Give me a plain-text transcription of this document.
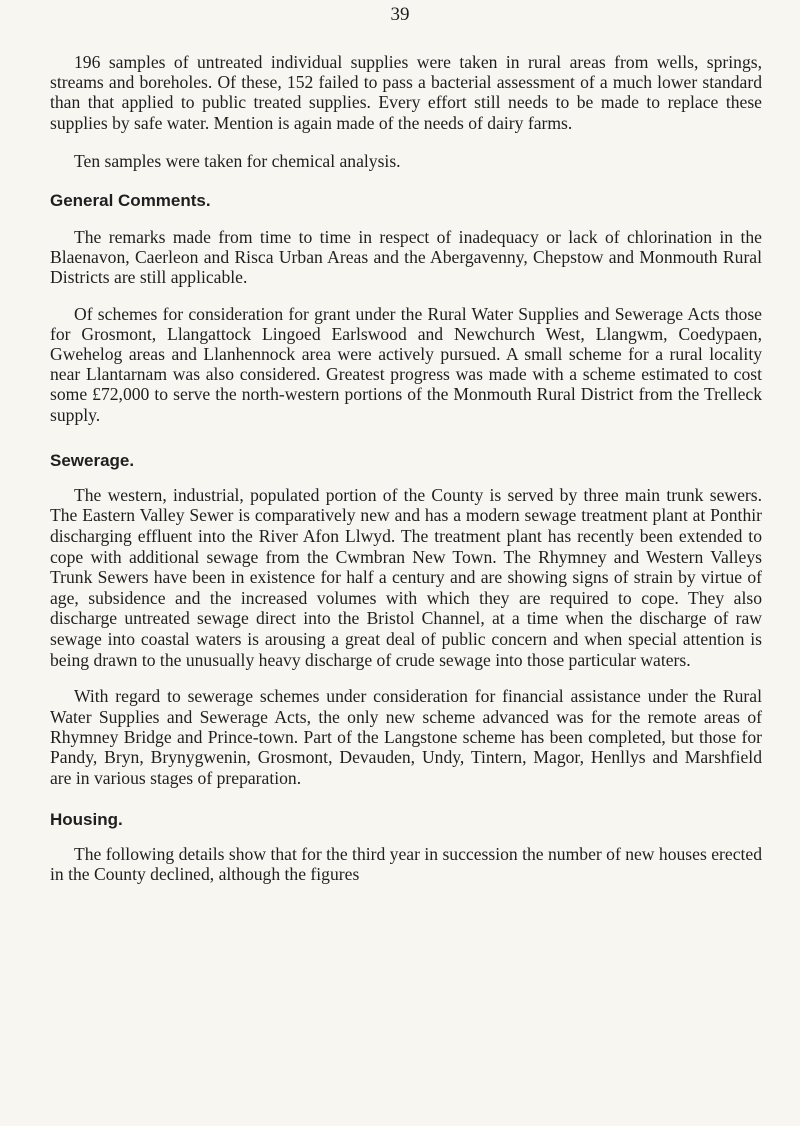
39

196 samples of untreated individual supplies were taken in rural areas from wells, springs, streams and boreholes. Of these, 152 failed to pass a bacterial assessment of a much lower standard than that applied to public treated supplies. Every effort still needs to be made to replace these supplies by safe water. Mention is again made of the needs of dairy farms.

Ten samples were taken for chemical analysis.

General Comments.

The remarks made from time to time in respect of inadequacy or lack of chlorination in the Blaenavon, Caerleon and Risca Urban Areas and the Abergavenny, Chepstow and Monmouth Rural Districts are still applicable.

Of schemes for consideration for grant under the Rural Water Supplies and Sewerage Acts those for Grosmont, Llangattock Lingoed Earlswood and Newchurch West, Llangwm, Coedypaen, Gwehelog areas and Llanhennock area were actively pursued. A small scheme for a rural locality near Llantarnam was also considered. Greatest progress was made with a scheme estimated to cost some £72,000 to serve the north-western portions of the Monmouth Rural District from the Trelleck supply.

Sewerage.

The western, industrial, populated portion of the County is served by three main trunk sewers. The Eastern Valley Sewer is comparatively new and has a modern sewage treatment plant at Ponthir discharging effluent into the River Afon Llwyd. The treatment plant has recently been extended to cope with additional sewage from the Cwmbran New Town. The Rhymney and Western Valleys Trunk Sewers have been in existence for half a century and are showing signs of strain by virtue of age, subsidence and the increased volumes with which they are required to cope. They also discharge untreated sewage direct into the Bristol Channel, at a time when the discharge of raw sewage into coastal waters is arousing a great deal of public concern and when special attention is being drawn to the unusually heavy discharge of crude sewage into those particular waters.

With regard to sewerage schemes under consideration for financial assistance under the Rural Water Supplies and Sewerage Acts, the only new scheme advanced was for the remote areas of Rhymney Bridge and Prince-town. Part of the Langstone scheme has been completed, but those for Pandy, Bryn, Brynygwenin, Grosmont, Devauden, Undy, Tintern, Magor, Henllys and Marshfield are in various stages of preparation.

Housing.

The following details show that for the third year in succession the number of new houses erected in the County declined, although the figures
